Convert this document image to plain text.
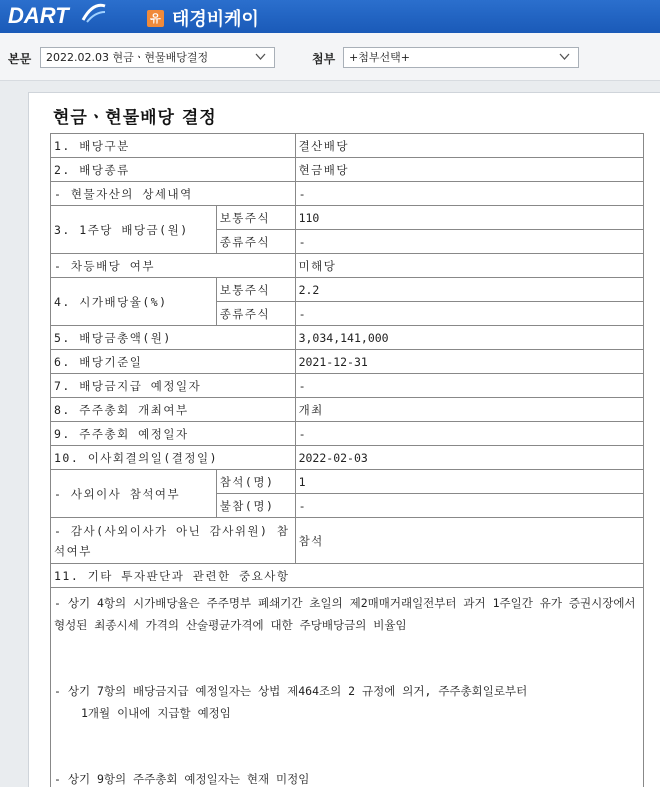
DART	유 태경비케이
본문	2022.02.03 현금ㆍ현물배당결정	첨부	+첨부선택+
현금ㆍ현물배당 결정
1. 배당구분		결산배당
2. 배당종류		현금배당
- 현물자산의 상세내역		-
3. 1주당 배당금(원)	보통주식	110
	종류주식	-
- 차등배당 여부		미해당
4. 시가배당율(%)	보통주식	2.2
	종류주식	-
5. 배당금총액(원)		3,034,141,000
6. 배당기준일		2021-12-31
7. 배당금지급 예정일자		-
8. 주주총회 개최여부		개최
9. 주주총회 예정일자		-
10. 이사회결의일(결정일)		2022-02-03
- 사외이사 참석여부	참석(명)	1
	불참(명)	-
- 감사(사외이사가 아닌 감사위원) 참석여부		참석
11. 기타 투자판단과 관련한 중요사항		

- 상기 4항의 시가배당율은 주주명부 폐쇄기간 초일의 제2매매거래일전부터 과거 1주일간 유가 증권시장에서 형성된 최종시세 가격의 산술평균가격에 대한 주당배당금의 비율임

- 상기 7항의 배당금지급 예정일자는 상법 제464조의 2 규정에 의거, 주주총회일로부터

1개월 이내에 지급할 예정임

- 상기 9항의 주주총회 예정일자는 현재 미정임		
